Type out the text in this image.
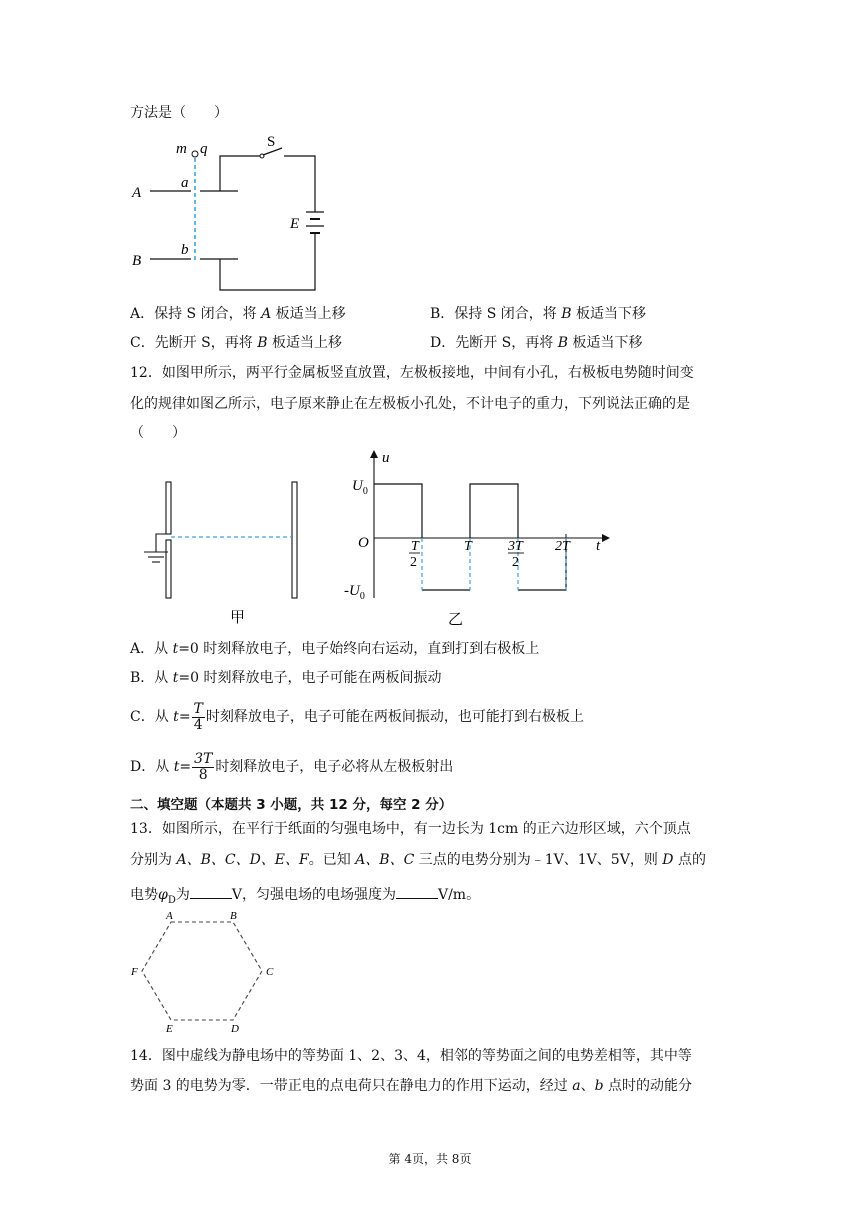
方法是（　　）
m q	S
A
a
E
B
b
A．保持 S 闭合，将 A 板适当上移	B．保持 S 闭合，将 B 板适当下移
C．先断开 S，再将 B 板适当上移	D．先断开 S，再将 B 板适当下移
12．如图甲所示，两平行金属板竖直放置，左极板接地，中间有小孔，右极板电势随时间变
化的规律如图乙所示，电子原来静止在左极板小孔处，不计电子的重力，下列说法正确的是
（　　）
甲
u
t
$U_0$
$-U_0$
O	T
2
T	3T
2
2T
乙
A．从 t=0 时刻释放电子，电子始终向右运动，直到打到右极板上
B．从 t=0 时刻释放电子，电子可能在两板间振动
C．从 $t= \frac{T}{4}$ 时刻释放电子，电子可能在两板间振动，也可能打到右极板上
D．从 $t= \frac{3T}{8}$ 时刻释放电子，电子必将从左极板射出
二、填空题（本题共 3 小题，共 12 分，每空 2 分）
13．如图所示，在平行于纸面的匀强电场中，有一边长为 1cm 的正六边形区域，六个顶点
分别为 A、B、C、D、E、F。已知 A、B、C 三点的电势分别为﹣1V、1V、5V，则 D 点的
电势$\varphi_D$为	V，匀强电场的电场强度为	V/m。
A	B
C
D
E
F
14．图中虚线为静电场中的等势面 1、2、3、4，相邻的等势面之间的电势差相等，其中等
势面 3 的电势为零．一带正电的点电荷只在静电力的作用下运动，经过 a、b 点时的动能分
第 4页，共 8页
